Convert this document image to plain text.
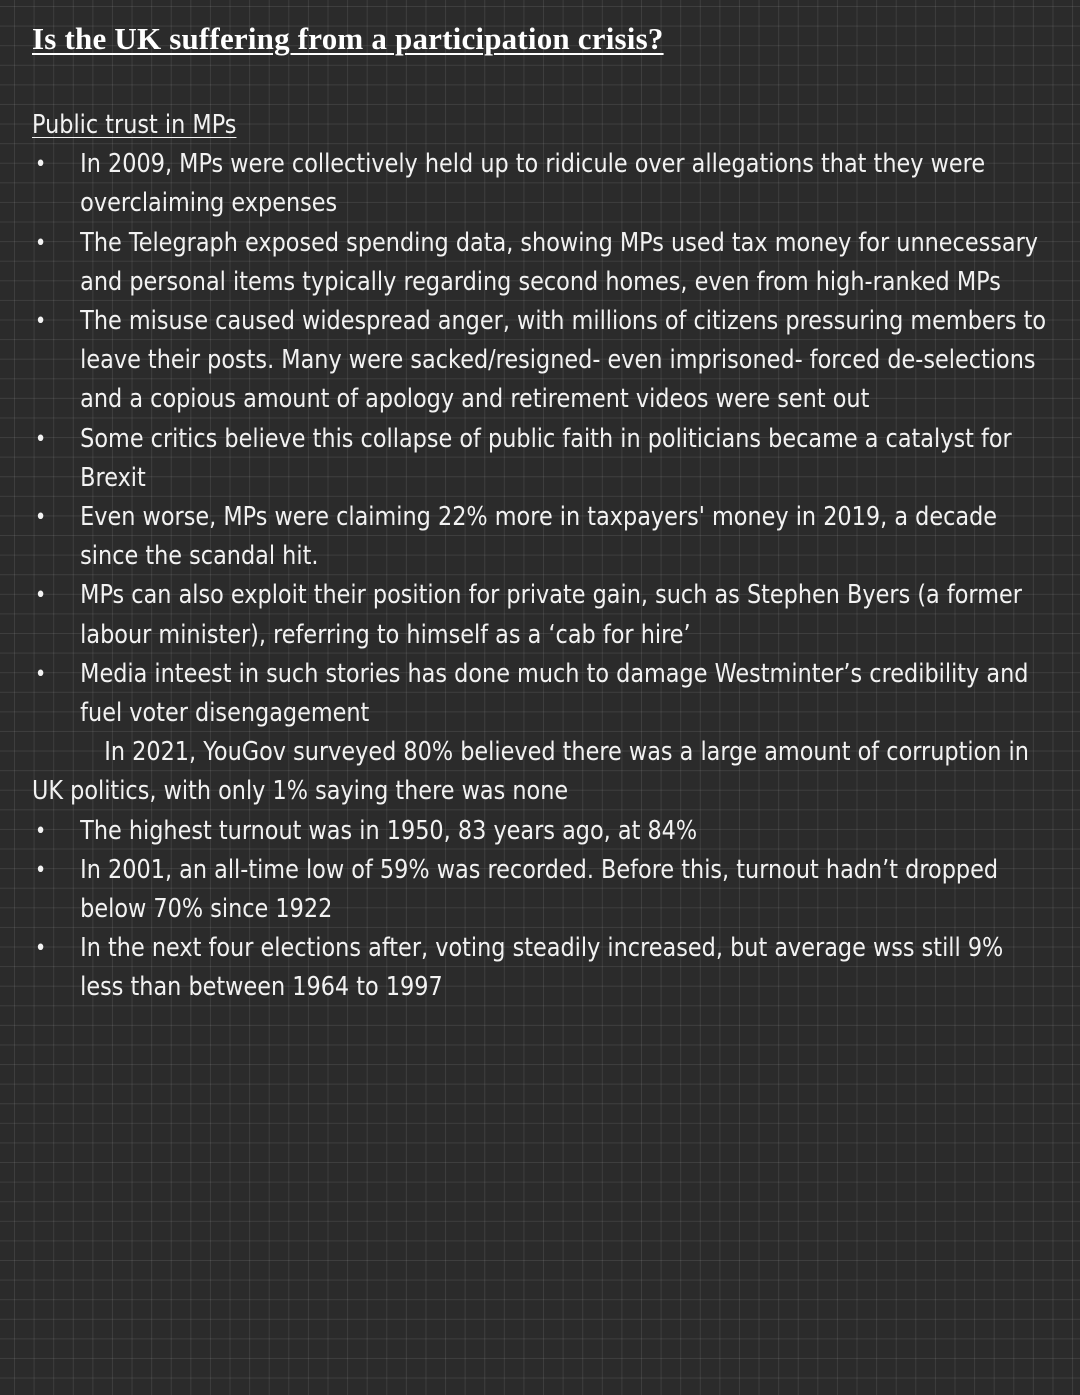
Is the UK suffering from a participation crisis?
Public trust in MPs
• In 2009, MPs were collectively held up to ridicule over allegations that they were overclaiming expenses
• The Telegraph exposed spending data, showing MPs used tax money for unnecessary and personal items typically regarding second homes, even from high-ranked MPs
• The misuse caused widespread anger, with millions of citizens pressuring members to leave their posts. Many were sacked/resigned- even imprisoned- forced de-selections and a copious amount of apology and retirement videos were sent out
• Some critics believe this collapse of public faith in politicians became a catalyst for Brexit
• Even worse, MPs were claiming 22% more in taxpayers' money in 2019, a decade since the scandal hit.
• MPs can also exploit their position for private gain, such as Stephen Byers (a former labour minister), referring to himself as a ‘cab for hire’
• Media inteest in such stories has done much to damage Westminter’s credibility and fuel voter disengagement

In 2021, YouGov surveyed 80% believed there was a large amount of corruption in UK politics, with only 1% saying there was none

• The highest turnout was in 1950, 83 years ago, at 84%
• In 2001, an all-time low of 59% was recorded. Before this, turnout hadn’t dropped below 70% since 1922
• In the next four elections after, voting steadily increased, but average wss still 9% less than between 1964 to 1997
